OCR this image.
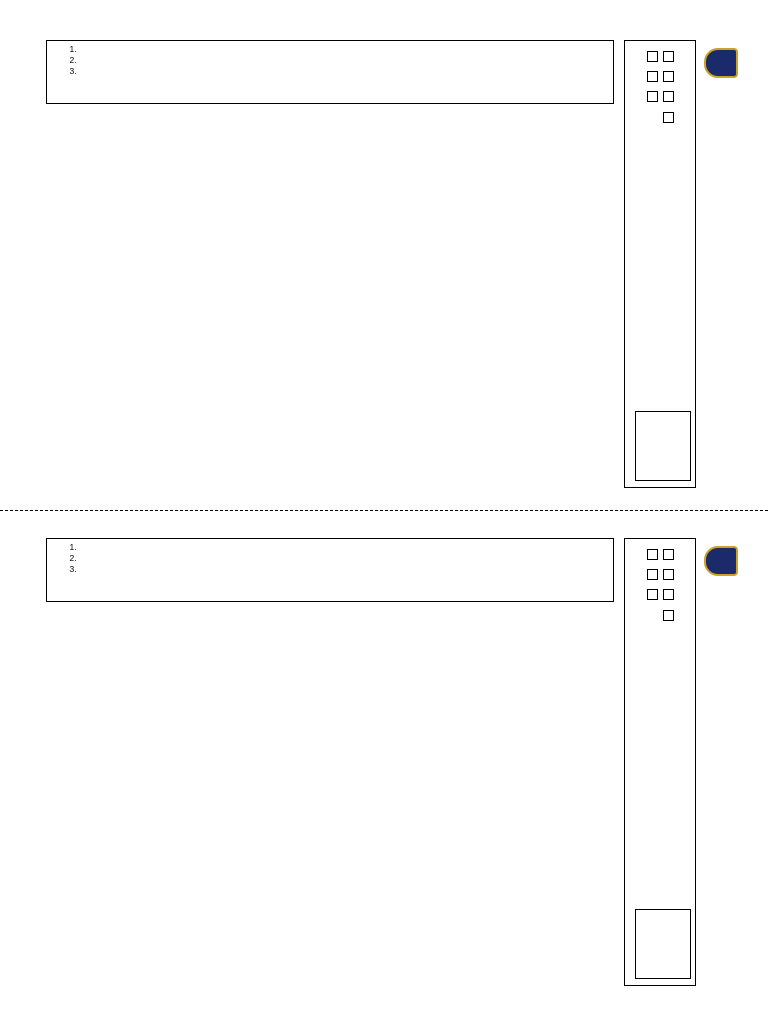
1.
2.
3.

1.
2.
3.
